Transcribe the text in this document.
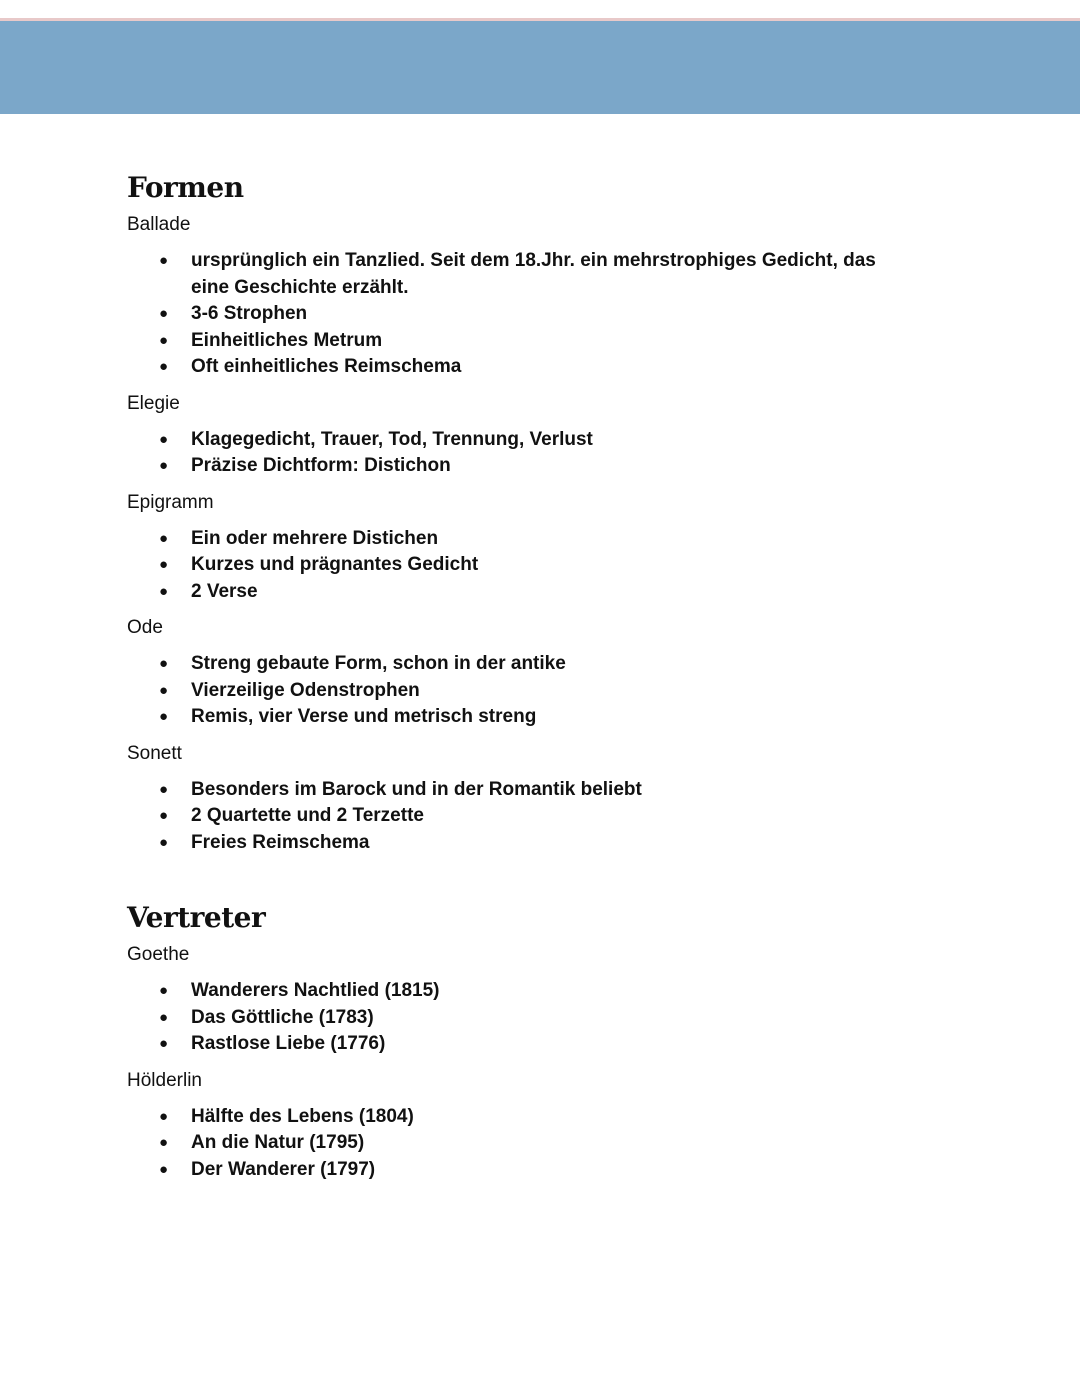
Formen
Ballade
● ursprünglich ein Tanzlied. Seit dem 18.Jhr. ein mehrstrophiges Gedicht, das eine Geschichte erzählt.
● 3-6 Strophen
● Einheitliches Metrum
● Oft einheitliches Reimschema
Elegie
● Klagegedicht, Trauer, Tod, Trennung, Verlust
● Präzise Dichtform: Distichon
Epigramm
● Ein oder mehrere Distichen
● Kurzes und prägnantes Gedicht
● 2 Verse
Ode
● Streng gebaute Form, schon in der antike
● Vierzeilige Odenstrophen
● Remis, vier Verse und metrisch streng
Sonett
● Besonders im Barock und in der Romantik beliebt
● 2 Quartette und 2 Terzette
● Freies Reimschema
Vertreter
Goethe
● Wanderers Nachtlied (1815)
● Das Göttliche (1783)
● Rastlose Liebe (1776)
Hölderlin
● Hälfte des Lebens (1804)
● An die Natur (1795)
● Der Wanderer (1797)
